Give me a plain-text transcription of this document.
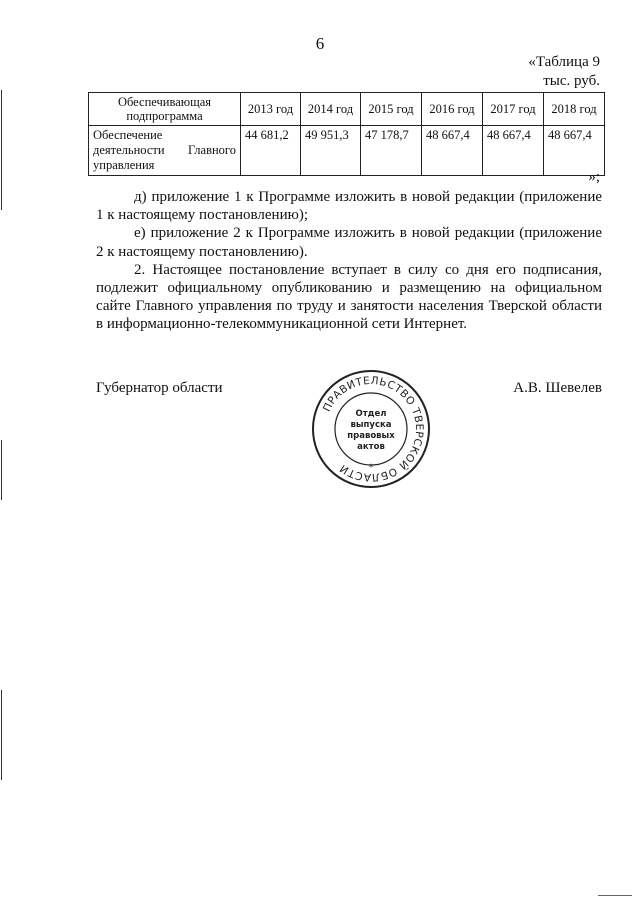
6
«Таблица 9
тыс. руб.
Обеспечивающая подпрограмма	2013 год	2014 год	2015 год	2016 год	2017 год	2018 год

Обеспечение
деятельности Главного
управления	44 681,2	49 951,3	47 178,7	48 667,4	48 667,4	48 667,4
»;

д) приложение 1 к Программе изложить в новой редакции (приложение 1 к настоящему постановлению);

е) приложение 2 к Программе изложить в новой редакции (приложение 2 к настоящему постановлению).

2. Настоящее постановление вступает в силу со дня его подписания, подлежит официальному опубликованию и размещению на официальном сайте Главного управления по труду и занятости населения Тверской области в информационно-телекоммуникационной сети Интернет.

Губернатор области	А.В. Шевелев
ПРАВИТЕЛЬСТВО ТВЕРСКОЙ ОБЛАСТИ	*
Отдел
выпуска
правовых
актов
